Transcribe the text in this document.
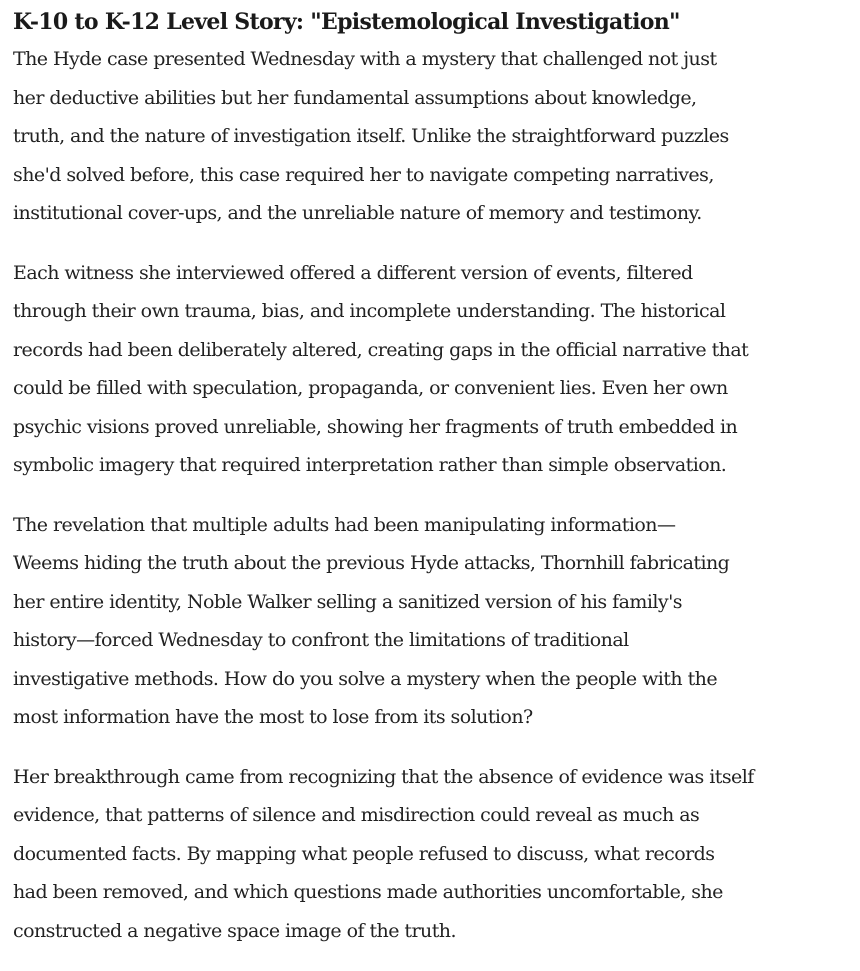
K-10 to K-12 Level Story: "Epistemological Investigation"

The Hyde case presented Wednesday with a mystery that challenged not just
her deductive abilities but her fundamental assumptions about knowledge,
truth, and the nature of investigation itself. Unlike the straightforward puzzles
she'd solved before, this case required her to navigate competing narratives,
institutional cover-ups, and the unreliable nature of memory and testimony.

Each witness she interviewed offered a different version of events, filtered
through their own trauma, bias, and incomplete understanding. The historical
records had been deliberately altered, creating gaps in the official narrative that
could be filled with speculation, propaganda, or convenient lies. Even her own
psychic visions proved unreliable, showing her fragments of truth embedded in
symbolic imagery that required interpretation rather than simple observation.

The revelation that multiple adults had been manipulating information—
Weems hiding the truth about the previous Hyde attacks, Thornhill fabricating
her entire identity, Noble Walker selling a sanitized version of his family's
history—forced Wednesday to confront the limitations of traditional
investigative methods. How do you solve a mystery when the people with the
most information have the most to lose from its solution?

Her breakthrough came from recognizing that the absence of evidence was itself
evidence, that patterns of silence and misdirection could reveal as much as
documented facts. By mapping what people refused to discuss, what records
had been removed, and which questions made authorities uncomfortable, she
constructed a negative space image of the truth.
